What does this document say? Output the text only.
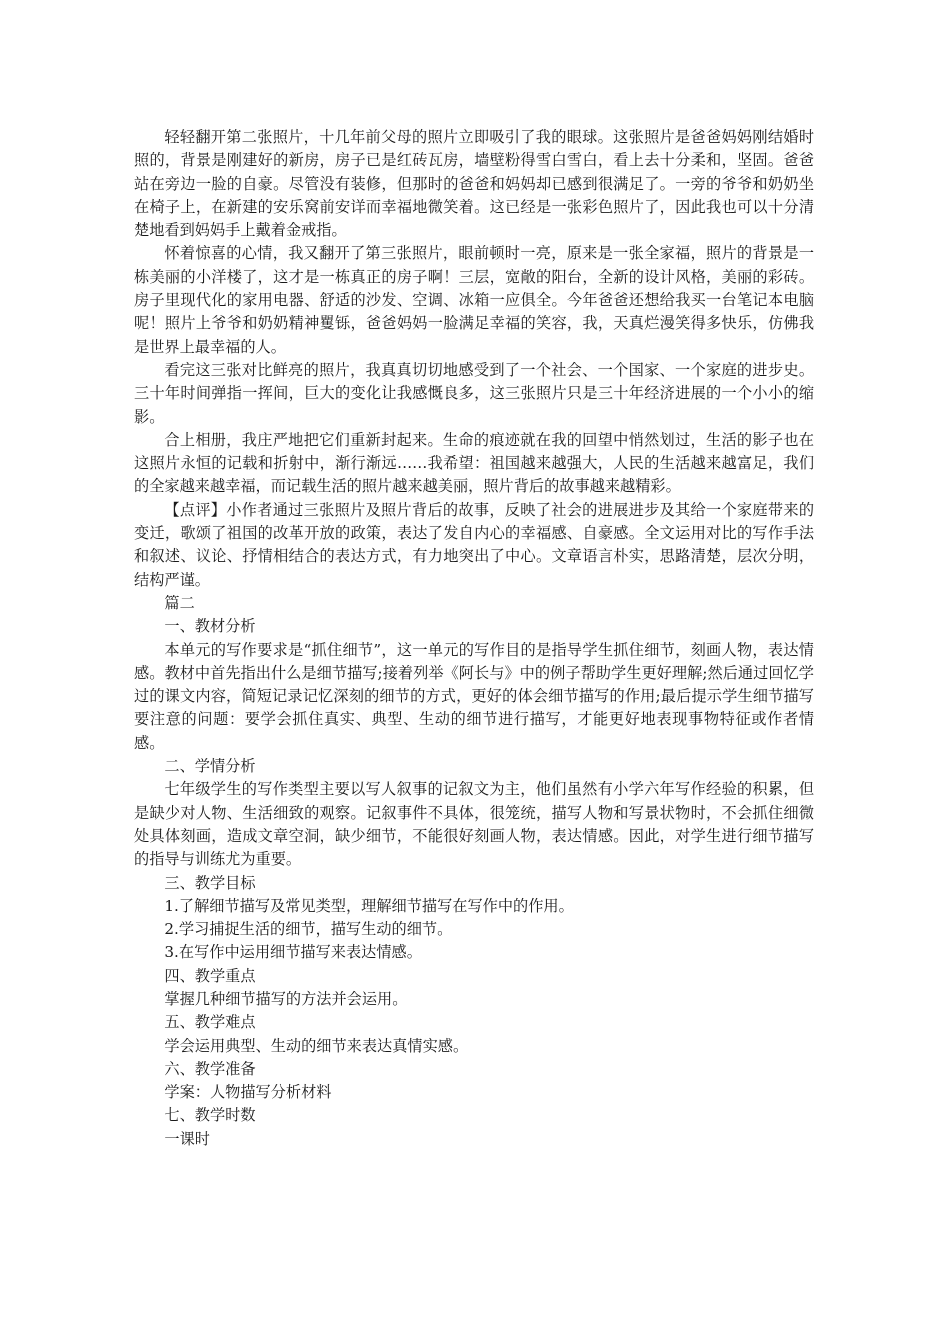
轻轻翻开第二张照片，十几年前父母的照片立即吸引了我的眼球。这张照片是爸爸妈妈刚结婚时照的，背景是刚建好的新房，房子已是红砖瓦房，墙壁粉得雪白雪白，看上去十分柔和，坚固。爸爸站在旁边一脸的自豪。尽管没有装修，但那时的爸爸和妈妈却已感到很满足了。一旁的爷爷和奶奶坐在椅子上，在新建的安乐窝前安详而幸福地微笑着。这已经是一张彩色照片了，因此我也可以十分清楚地看到妈妈手上戴着金戒指。

怀着惊喜的心情，我又翻开了第三张照片，眼前顿时一亮，原来是一张全家福，照片的背景是一栋美丽的小洋楼了，这才是一栋真正的房子啊！三层，宽敞的阳台，全新的设计风格，美丽的彩砖。房子里现代化的家用电器、舒适的沙发、空调、冰箱一应俱全。今年爸爸还想给我买一台笔记本电脑呢！照片上爷爷和奶奶精神矍铄，爸爸妈妈一脸满足幸福的笑容，我，天真烂漫笑得多快乐，仿佛我是世界上最幸福的人。

看完这三张对比鲜亮的照片，我真真切切地感受到了一个社会、一个国家、一个家庭的进步史。三十年时间弹指一挥间，巨大的变化让我感慨良多，这三张照片只是三十年经济进展的一个小小的缩影。

合上相册，我庄严地把它们重新封起来。生命的痕迹就在我的回望中悄然划过，生活的影子也在这照片永恒的记载和折射中，渐行渐远……我希望：祖国越来越强大，人民的生活越来越富足，我们的全家越来越幸福，而记载生活的照片越来越美丽，照片背后的故事越来越精彩。

【点评】小作者通过三张照片及照片背后的故事，反映了社会的进展进步及其给一个家庭带来的变迁，歌颂了祖国的改革开放的政策，表达了发自内心的幸福感、自豪感。全文运用对比的写作手法和叙述、议论、抒情相结合的表达方式，有力地突出了中心。文章语言朴实，思路清楚，层次分明，结构严谨。

篇二

一、教材分析

本单元的写作要求是“抓住细节”，这一单元的写作目的是指导学生抓住细节，刻画人物，表达情感。教材中首先指出什么是细节描写;接着列举《阿长与》中的例子帮助学生更好理解;然后通过回忆学过的课文内容，简短记录记忆深刻的细节的方式，更好的体会细节描写的作用;最后提示学生细节描写要注意的问题：要学会抓住真实、典型、生动的细节进行描写，才能更好地表现事物特征或作者情感。

二、学情分析

七年级学生的写作类型主要以写人叙事的记叙文为主，他们虽然有小学六年写作经验的积累，但是缺少对人物、生活细致的观察。记叙事件不具体，很笼统，描写人物和写景状物时，不会抓住细微处具体刻画，造成文章空洞，缺少细节，不能很好刻画人物，表达情感。因此，对学生进行细节描写的指导与训练尤为重要。

三、教学目标

1.了解细节描写及常见类型，理解细节描写在写作中的作用。

2.学习捕捉生活的细节，描写生动的细节。

3.在写作中运用细节描写来表达情感。

四、教学重点

掌握几种细节描写的方法并会运用。

五、教学难点

学会运用典型、生动的细节来表达真情实感。

六、教学准备

学案：人物描写分析材料

七、教学时数

一课时
